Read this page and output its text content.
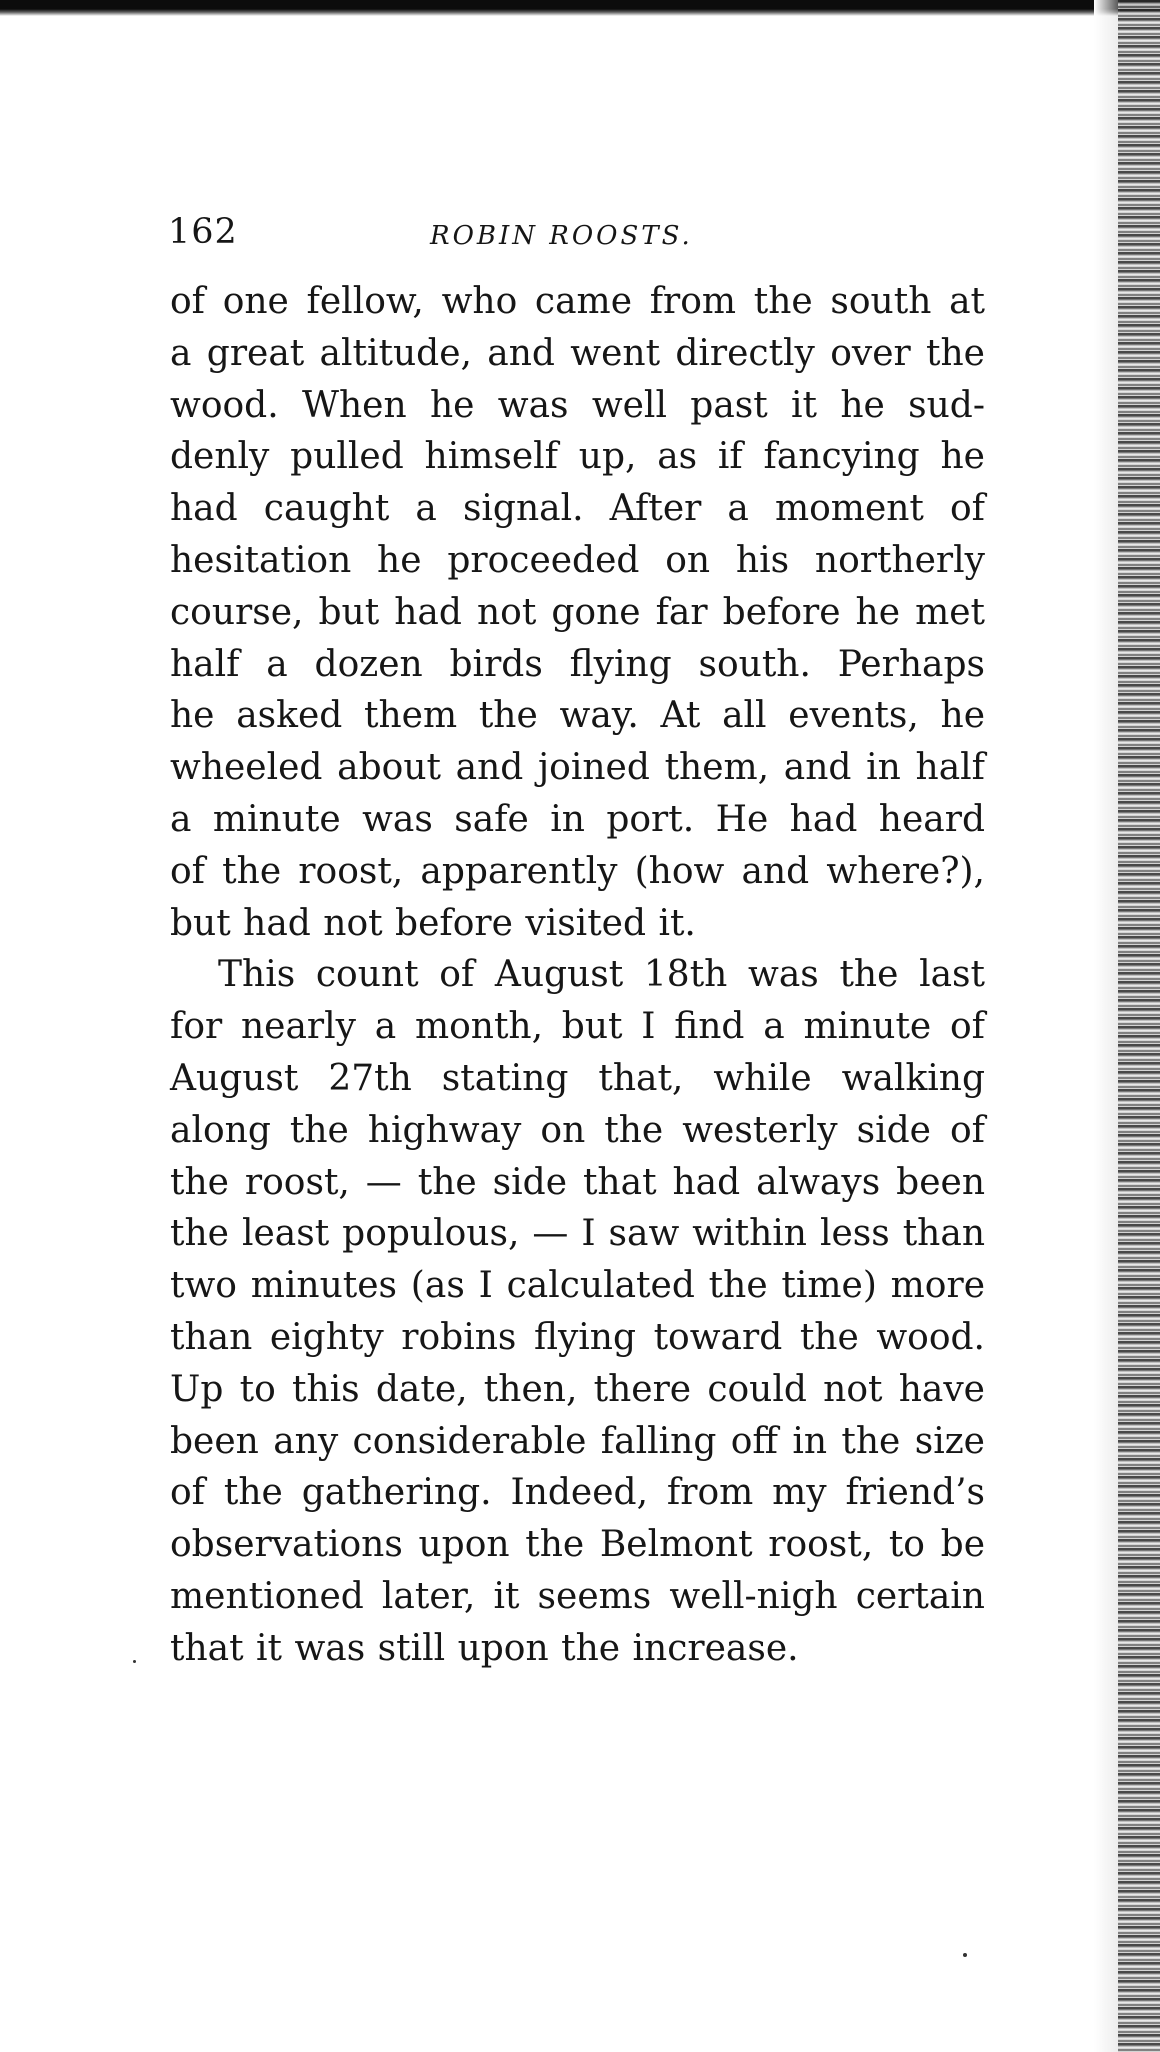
162	ROBIN ROOSTS.
of one fellow, who came from the south at
a great altitude, and went directly over the
wood. When he was well past it he sud-
denly pulled himself up, as if fancying he
had caught a signal. After a moment of
hesitation he proceeded on his northerly
course, but had not gone far before he met
half a dozen birds flying south. Perhaps
he asked them the way. At all events, he
wheeled about and joined them, and in half
a minute was safe in port. He had heard
of the roost, apparently (how and where?),
but had not before visited it.
This count of August 18th was the last
for nearly a month, but I find a minute of
August 27th stating that, while walking
along the highway on the westerly side of
the roost, — the side that had always been
the least populous, — I saw within less than
two minutes (as I calculated the time) more
than eighty robins flying toward the wood.
Up to this date, then, there could not have
been any considerable falling off in the size
of the gathering. Indeed, from my friend’s
observations upon the Belmont roost, to be
mentioned later, it seems well-nigh certain
that it was still upon the increase.
